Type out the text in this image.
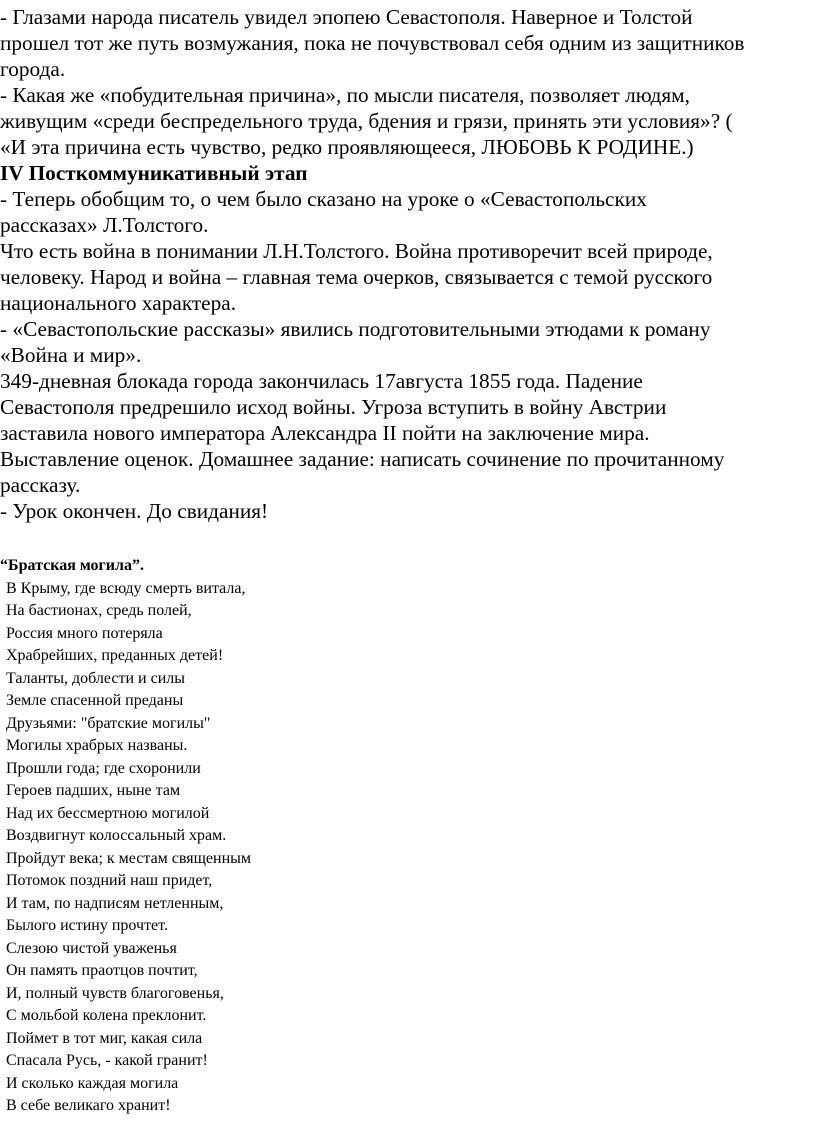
- Глазами народа писатель увидел эпопею Севастополя. Наверное и Толстой

прошел тот же путь возмужания, пока не почувствовал себя одним из защитников

города.

- Какая же «побудительная причина», по мысли писателя, позволяет людям,

живущим «среди беспредельного труда, бдения и грязи, принять эти условия»? (

«И эта причина есть чувство, редко проявляющееся, ЛЮБОВЬ К РОДИНЕ.)

IV Посткоммуникативный этап

- Теперь обобщим то, о чем было сказано на уроке о «Севастопольских

рассказах» Л.Толстого.

Что есть война в понимании Л.Н.Толстого. Война противоречит всей природе,

человеку. Народ и война – главная тема очерков, связывается с темой русского

национального характера.

- «Севастопольские рассказы» явились подготовительными этюдами к роману

«Война и мир».

349-дневная блокада города закончилась 17августа 1855 года. Падение

Севастополя предрешило исход войны. Угроза вступить в войну Австрии

заставила нового императора Александра II пойти на заключение мира.

Выставление оценок. Домашнее задание: написать сочинение по прочитанному

рассказу.

- Урок окончен. До свидания!

“Братская могила”.

В Крыму, где всюду смерть витала,

На бастионах, средь полей,

Россия много потеряла

Храбрейших, преданных детей!

Таланты, доблести и силы

Земле спасенной преданы

Друзьями: "братские могилы"

Могилы храбрых названы.

Прошли года; где схоронили

Героев падших, ныне там

Над их бессмертною могилой

Воздвигнут колоссальный храм.

Пройдут века; к местам священным

Потомок поздний наш придет,

И там, по надписям нетленным,

Былого истину прочтет.

Слезою чистой уваженья

Он память праотцов почтит,

И, полный чувств благоговенья,

С мольбой колена преклонит.

Поймет в тот миг, какая сила

Спасала Русь, - какой гранит!

И сколько каждая могила

В себе великаго хранит!
